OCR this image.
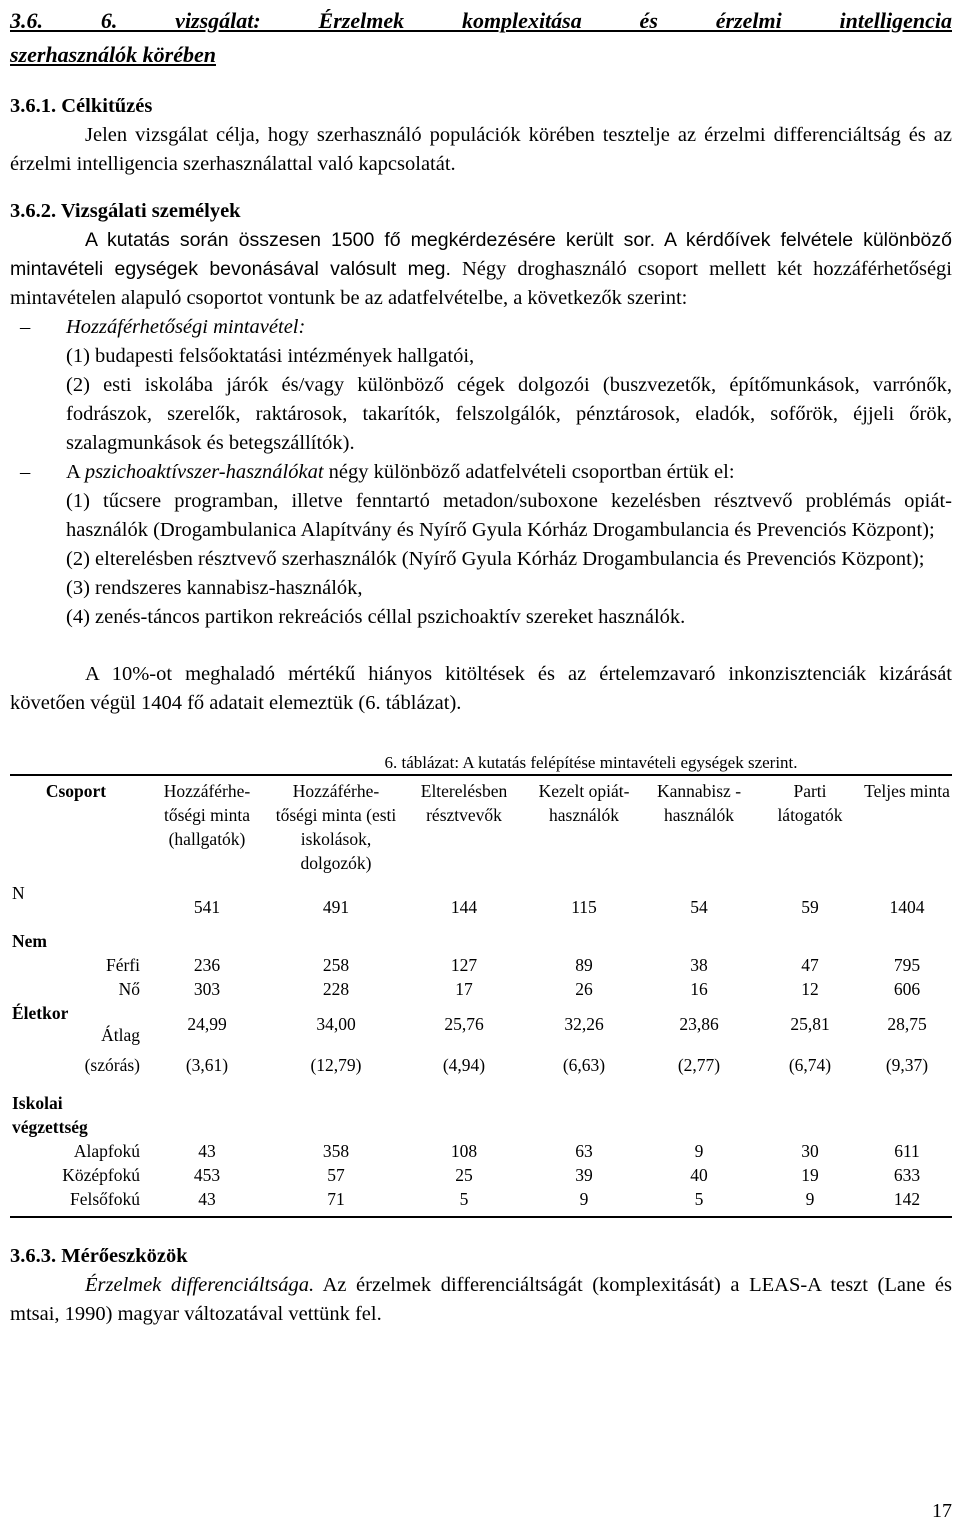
3.6. 6. vizsgálat: Érzelmek komplexitása és érzelmi intelligencia

szerhasználók körében

3.6.1. Célkitűzés

Jelen vizsgálat célja, hogy szerhasználó populációk körében tesztelje az érzelmi differenciáltság és az érzelmi intelligencia szerhasználattal való kapcsolatát.

3.6.2. Vizsgálati személyek

A kutatás során összesen 1500 fő megkérdezésére került sor. A kérdőívek felvétele különböző mintavételi egységek bevonásával valósult meg. Négy droghasználó csoport mellett két hozzáférhetőségi mintavételen alapuló csoportot vontunk be az adatfelvételbe, a következők szerint:

– Hozzáférhetőségi mintavétel:

(1) budapesti felsőoktatási intézmények hallgatói,

(2) esti iskolába járók és/vagy különböző cégek dolgozói (buszvezetők, építőmunkások, varrónők, fodrászok, szerelők, raktárosok, takarítók, felszolgálók, pénztárosok, eladók, sofőrök, éjjeli őrök, szalagmunkások és betegszállítók).

– A pszichoaktívszer-használókat négy különböző adatfelvételi csoportban értük el:

(1) tűcsere programban, illetve fenntartó metadon/suboxone kezelésben résztvevő problémás opiát-használók (Drogambulanica Alapítvány és Nyírő Gyula Kórház Drogambulancia és Prevenciós Központ);

(2) elterelésben résztvevő szerhasználók (Nyírő Gyula Kórház Drogambulancia és Prevenciós Központ);

(3) rendszeres kannabisz-használók,

(4) zenés-táncos partikon rekreációs céllal pszichoaktív szereket használók.

A 10%-ot meghaladó mértékű hiányos kitöltések és az értelemzavaró inkonzisztenciák kizárását követően végül 1404 fő adatait elemeztük (6. táblázat).

6. táblázat: A kutatás felépítése mintavételi egységek szerint.

Csoport	Hozzáférhe-tőségi minta (hallgatók)	Hozzáférhe-tőségi minta (esti iskolások, dolgozók)	Elterelésben résztvevők	Kezelt opiát-használók	Kannabisz -használók	Parti látogatók	Teljes minta
N	541	491	144	115	54	59	1404
Nem							
Férfi	236	258	127	89	38	47	795
Nő	303	228	17	26	16	12	606

Életkor
Átlag	24,99	34,00	25,76	32,26	23,86	25,81	28,75
(szórás)	(3,61)	(12,79)	(4,94)	(6,63)	(2,77)	(6,74)	(9,37)
Iskolai							
végzettség							
Alapfokú	43	358	108	63	9	30	611
Középfokú	453	57	25	39	40	19	633
Felsőfokú	43	71	5	9	5	9	142

3.6.3. Mérőeszközök

Érzelmek differenciáltsága. Az érzelmek differenciáltságát (komplexitását) a LEAS-A teszt (Lane és mtsai, 1990) magyar változatával vettünk fel.

17
